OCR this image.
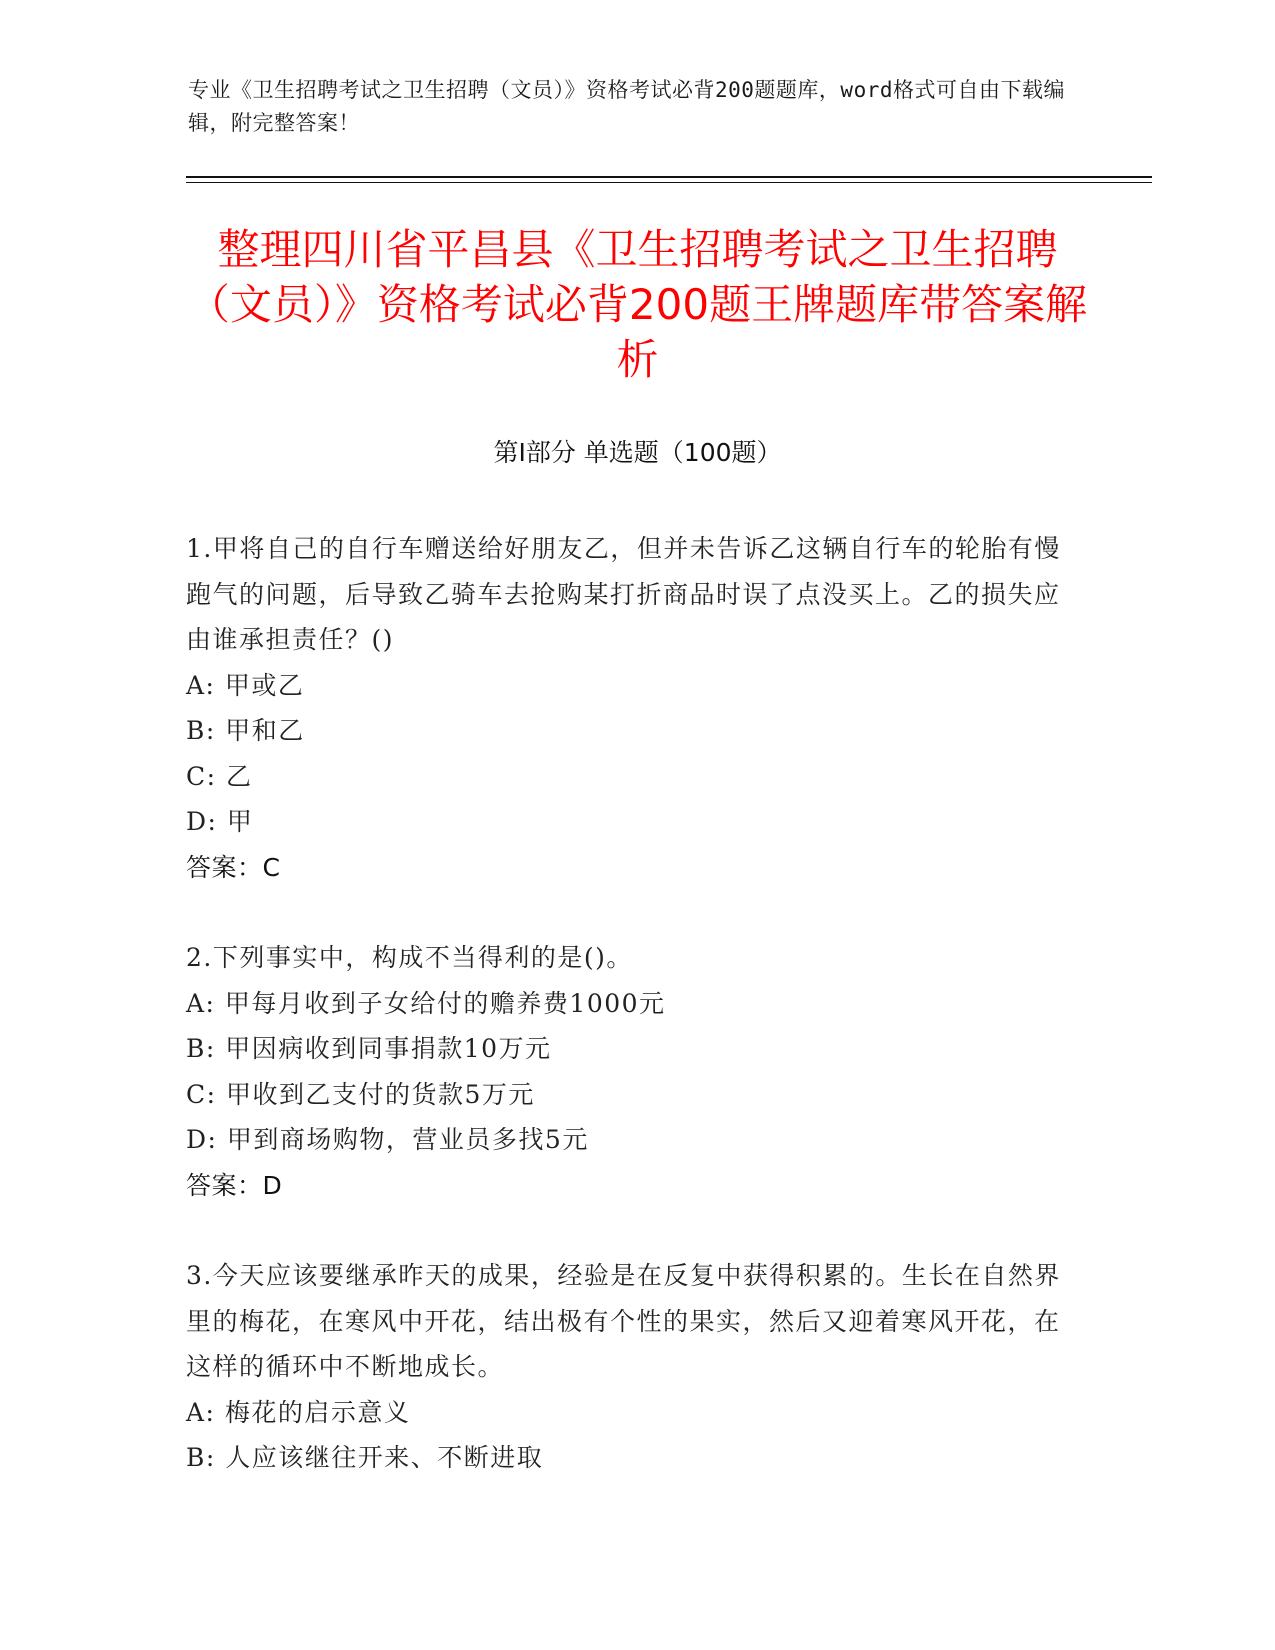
专业《卫生招聘考试之卫生招聘（文员）》资格考试必背200题题库，word格式可自由下载编辑，附完整答案！
整理四川省平昌县《卫生招聘考试之卫生招聘（文员）》资格考试必背200题王牌题库带答案解析
第I部分 单选题（100题）
1.甲将自己的自行车赠送给好朋友乙，但并未告诉乙这辆自行车的轮胎有慢跑气的问题，后导致乙骑车去抢购某打折商品时误了点没买上。乙的损失应由谁承担责任？()
A: 甲或乙
B: 甲和乙
C: 乙
D: 甲
答案：C
2.下列事实中，构成不当得利的是()。
A: 甲每月收到子女给付的赡养费1000元
B: 甲因病收到同事捐款10万元
C: 甲收到乙支付的货款5万元
D: 甲到商场购物，营业员多找5元
答案：D
3.今天应该要继承昨天的成果，经验是在反复中获得积累的。生长在自然界里的梅花，在寒风中开花，结出极有个性的果实，然后又迎着寒风开花，在这样的循环中不断地成长。
A: 梅花的启示意义
B: 人应该继往开来、不断进取
